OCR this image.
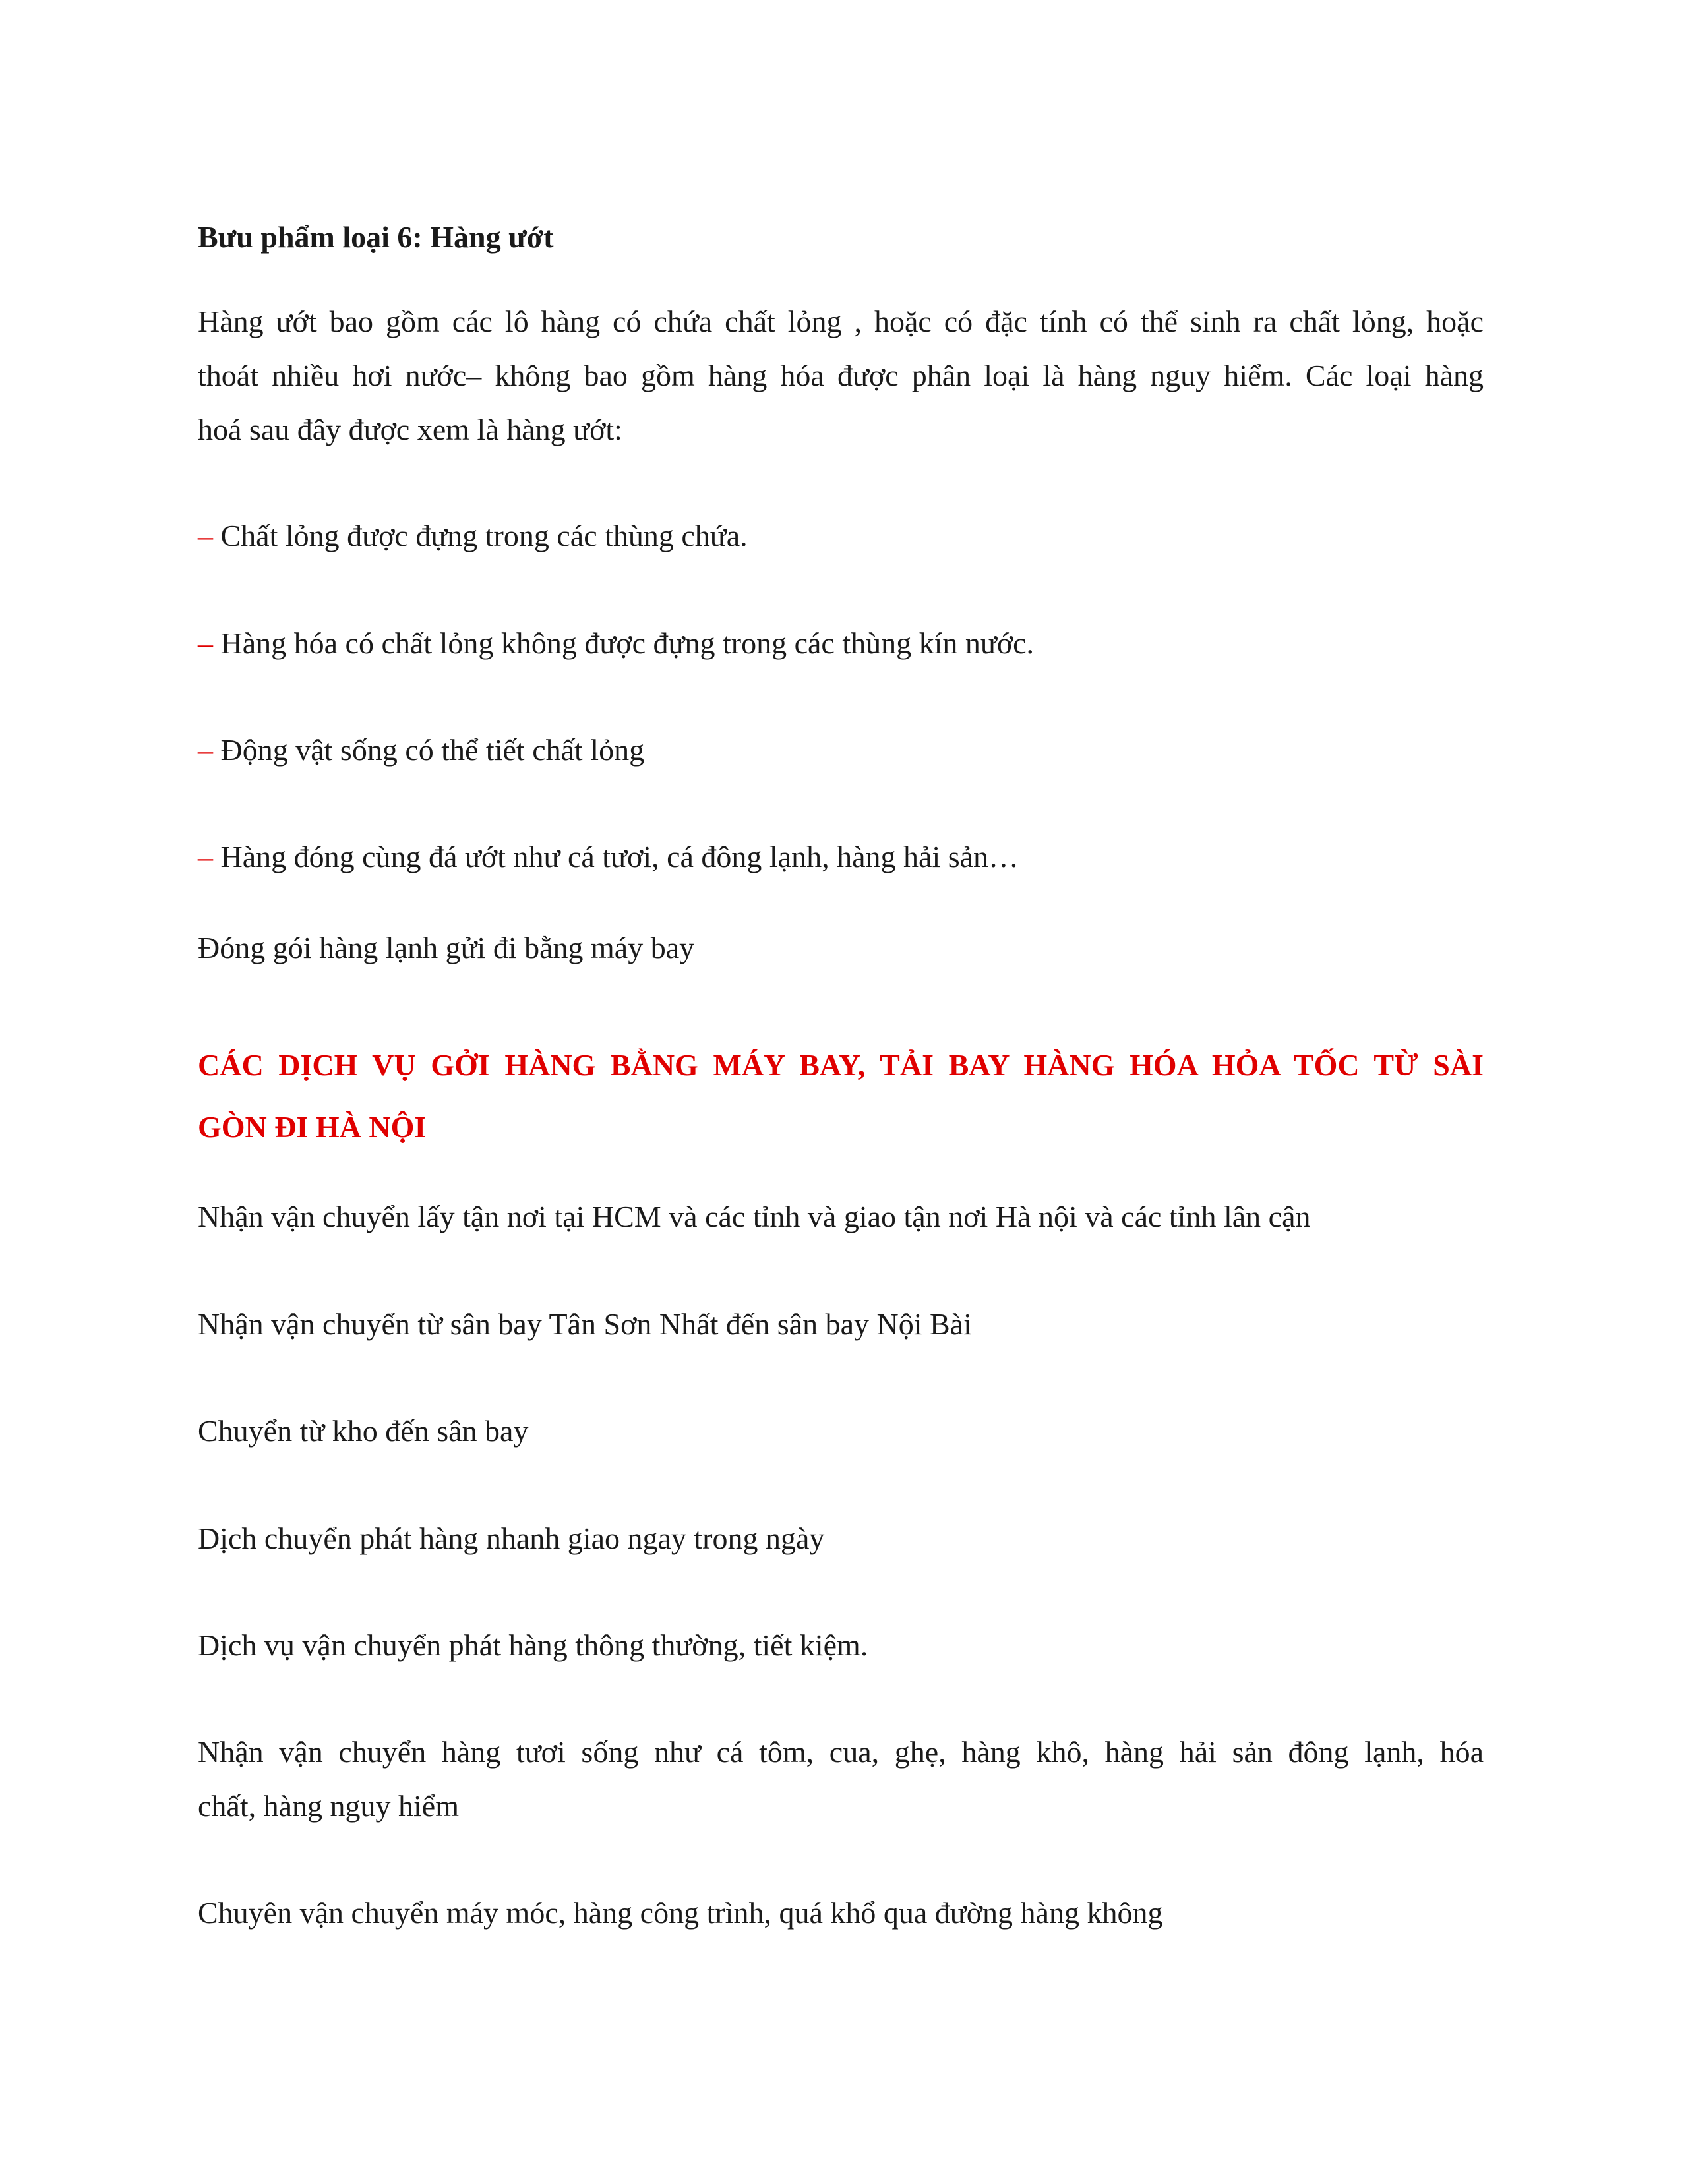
Bưu phẩm loại 6: Hàng ướt

Hàng ướt bao gồm các lô hàng có chứa chất lỏng , hoặc có đặc tính có thể sinh ra chất lỏng, hoặc

thoát nhiều hơi nước– không bao gồm hàng hóa được phân loại là hàng nguy hiểm. Các loại hàng

hoá sau đây được xem là hàng ướt:

– Chất lỏng được đựng trong các thùng chứa.

– Hàng hóa có chất lỏng không được đựng trong các thùng kín nước.

– Động vật sống có thể tiết chất lỏng

– Hàng đóng cùng đá ướt như cá tươi, cá đông lạnh, hàng hải sản…

Đóng gói hàng lạnh gửi đi bằng máy bay

CÁC DỊCH VỤ GỞI HÀNG BẰNG MÁY BAY, TẢI BAY HÀNG HÓA HỎA TỐC TỪ SÀI

GÒN ĐI HÀ NỘI

Nhận vận chuyển lấy tận nơi tại HCM và các tỉnh và giao tận nơi Hà nội và các tỉnh lân cận

Nhận vận chuyển từ sân bay Tân Sơn Nhất đến sân bay Nội Bài

Chuyển từ kho đến sân bay

Dịch chuyển phát hàng nhanh giao ngay trong ngày

Dịch vụ vận chuyển phát hàng thông thường, tiết kiệm.

Nhận vận chuyển hàng tươi sống như cá tôm, cua, ghẹ, hàng khô, hàng hải sản đông lạnh, hóa

chất, hàng nguy hiểm

Chuyên vận chuyển máy móc, hàng công trình, quá khổ qua đường hàng không
